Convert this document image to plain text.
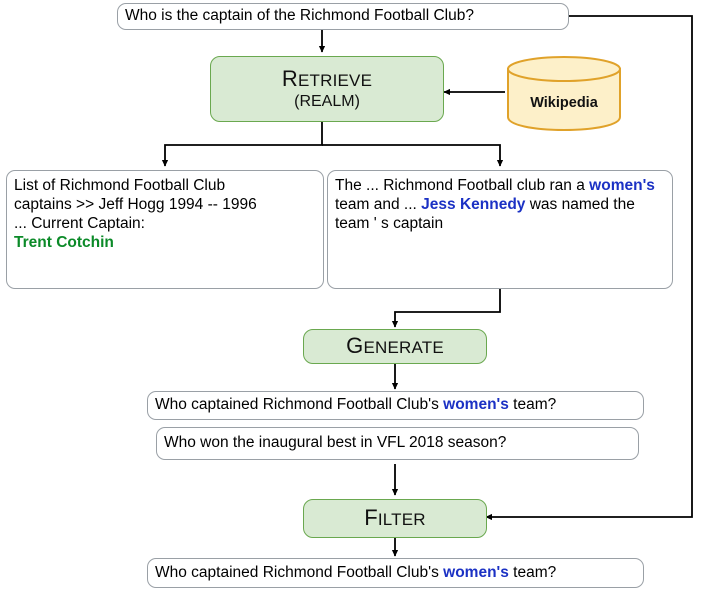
Who is the captain of the Richmond Football Club?
RETRIEVE
(REALM)	Wikipedia
List of Richmond Football Club
captains >> Jeff Hogg 1994 -- 1996
... Current Captain:
Trent Cotchin
The ... Richmond Football club ran a women's team and ... Jess Kennedy was named the team ' s captain
GENERATE
Who captained Richmond Football Club's women's team?
Who won the inaugural best in VFL 2018 season?
FILTER
Who captained Richmond Football Club's women's team?
